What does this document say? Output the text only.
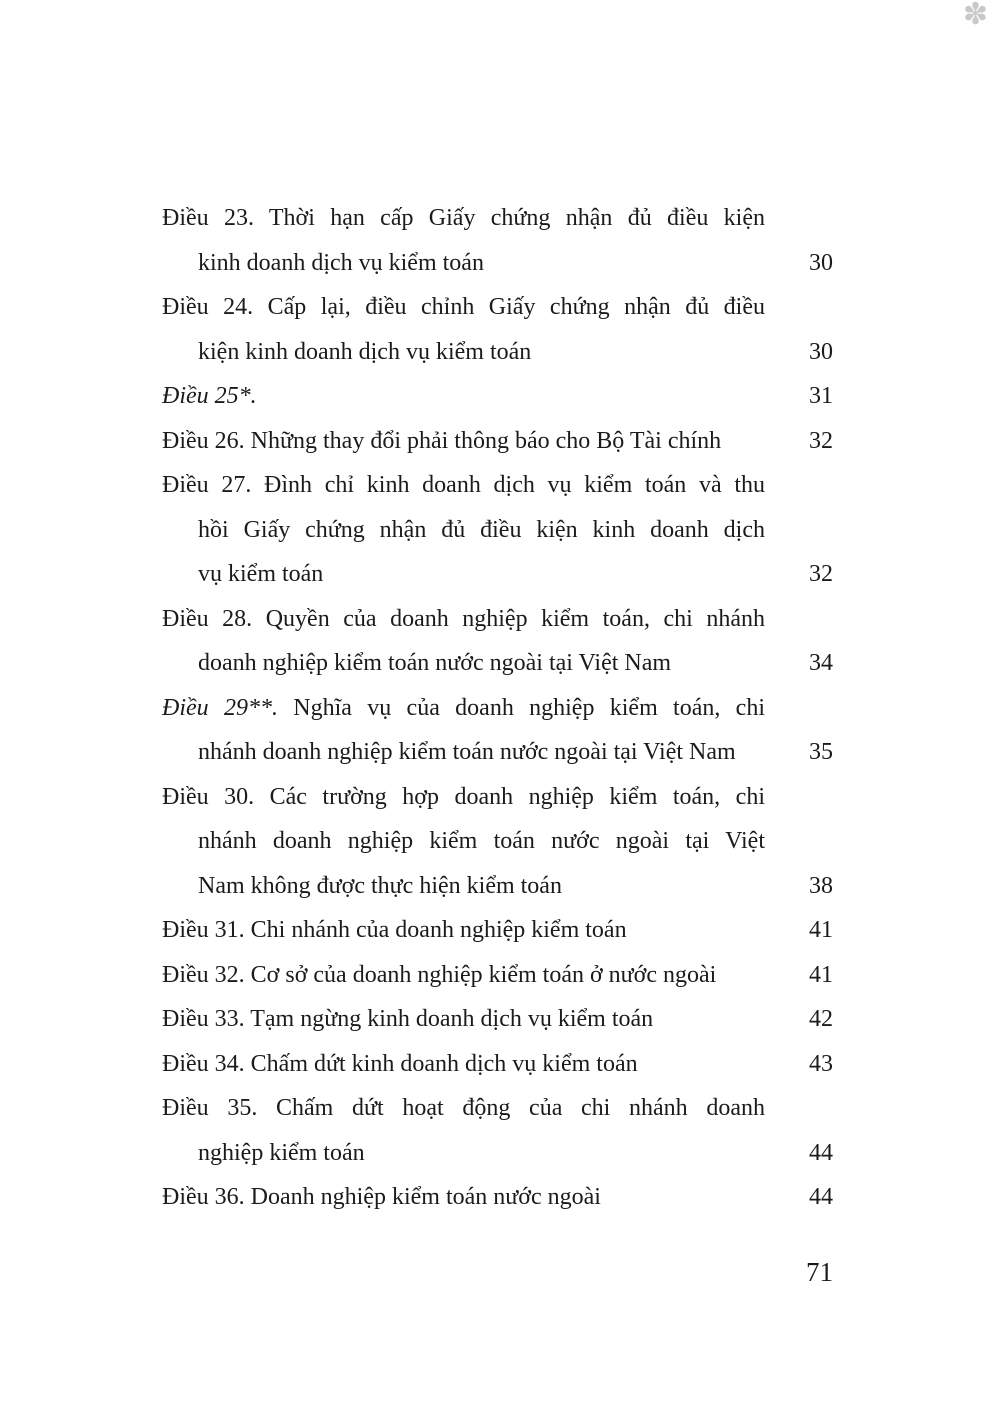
✽
Điều 23. Thời hạn cấp Giấy chứng nhận đủ điều kiện
kinh doanh dịch vụ kiểm toán	30
Điều 24. Cấp lại, điều chỉnh Giấy chứng nhận đủ điều
kiện kinh doanh dịch vụ kiểm toán	30
Điều 25*.	31
Điều 26. Những thay đổi phải thông báo cho Bộ Tài chính	32
Điều 27. Đình chỉ kinh doanh dịch vụ kiểm toán và thu
hồi Giấy chứng nhận đủ điều kiện kinh doanh dịch
vụ kiểm toán	32
Điều 28. Quyền của doanh nghiệp kiểm toán, chi nhánh
doanh nghiệp kiểm toán nước ngoài tại Việt Nam	34
Điều 29**. Nghĩa vụ của doanh nghiệp kiểm toán, chi
nhánh doanh nghiệp kiểm toán nước ngoài tại Việt Nam	35
Điều 30. Các trường hợp doanh nghiệp kiểm toán, chi
nhánh doanh nghiệp kiểm toán nước ngoài tại Việt
Nam không được thực hiện kiểm toán	38
Điều 31. Chi nhánh của doanh nghiệp kiểm toán	41
Điều 32. Cơ sở của doanh nghiệp kiểm toán ở nước ngoài	41
Điều 33. Tạm ngừng kinh doanh dịch vụ kiểm toán	42
Điều 34. Chấm dứt kinh doanh dịch vụ kiểm toán	43
Điều 35. Chấm dứt hoạt động của chi nhánh doanh
nghiệp kiểm toán	44
Điều 36. Doanh nghiệp kiểm toán nước ngoài	44
71
